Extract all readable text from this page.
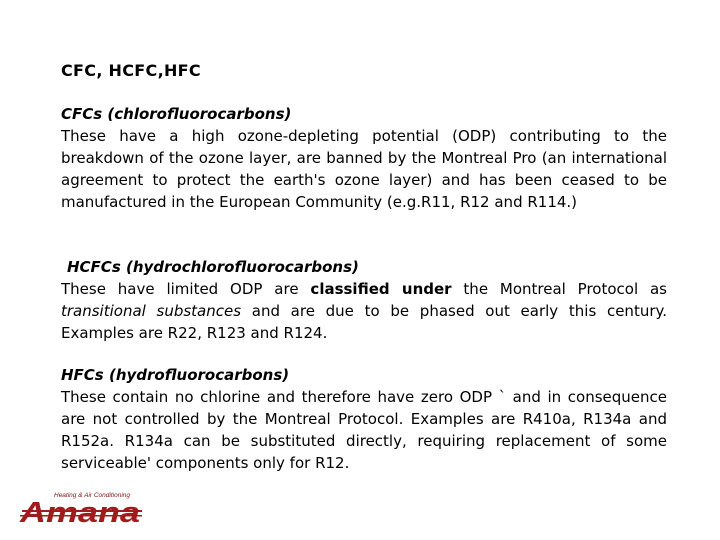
CFC, HCFC,HFC
CFCs (chlorofluorocarbons)
These have a high ozone-depleting potential (ODP) contributing to the breakdown of the ozone layer, are banned by the Montreal Pro (an international agreement to protect the earth's ozone layer) and has been ceased to be manufactured in the European Community (e.g.R11, R12 and R114.)
HCFCs (hydrochlorofluorocarbons)
These have limited ODP are classified under the Montreal Protocol as transitional substances and are due to be phased out early this century. Examples are R22, R123 and R124.
HFCs (hydrofluorocarbons)
These contain no chlorine and therefore have zero ODP ` and in consequence are not controlled by the Montreal Protocol. Examples are R410a, R134a and R152a. R134a can be substituted directly, requiring replacement of some serviceable' components only for R12.
Heating & Air Conditioning
Amana
